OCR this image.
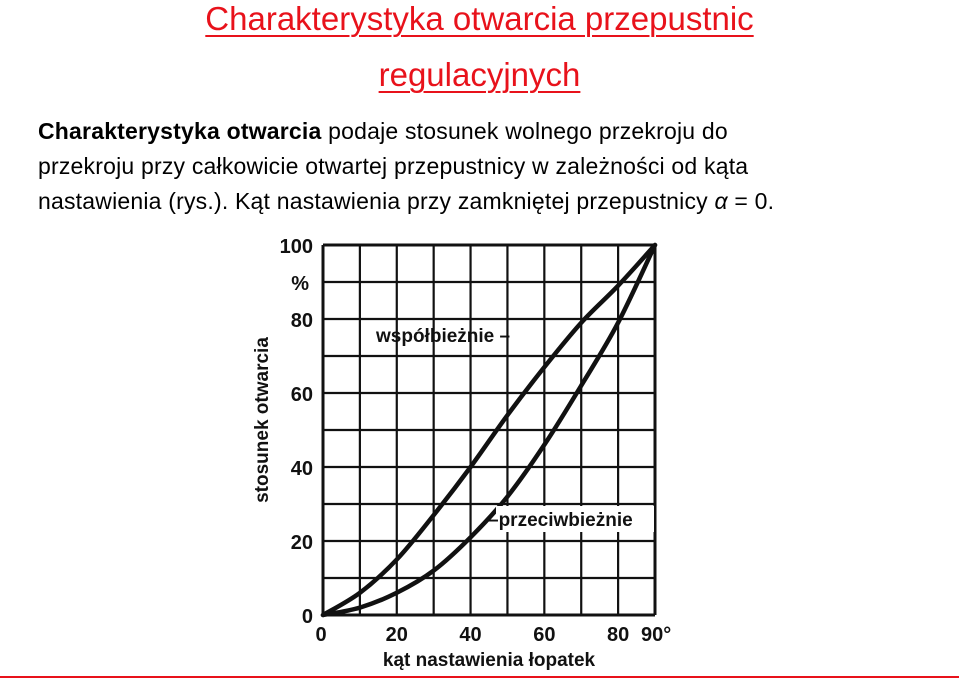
Charakterystyka otwarcia przepustnic
regulacyjnych
Charakterystyka otwarcia podaje stosunek wolnego przekroju do
przekroju przy całkowicie otwartej przepustnicy w zależności od kąta
nastawienia (rys.). Kąt nastawienia przy zamkniętej przepustnicy α = 0.
0
20
40
60
80
100
%
0	20	40	60	80 90°
kąt nastawienia łopatek
stosunek otwarcia
współbieżnie –
–przeciwbieżnie
